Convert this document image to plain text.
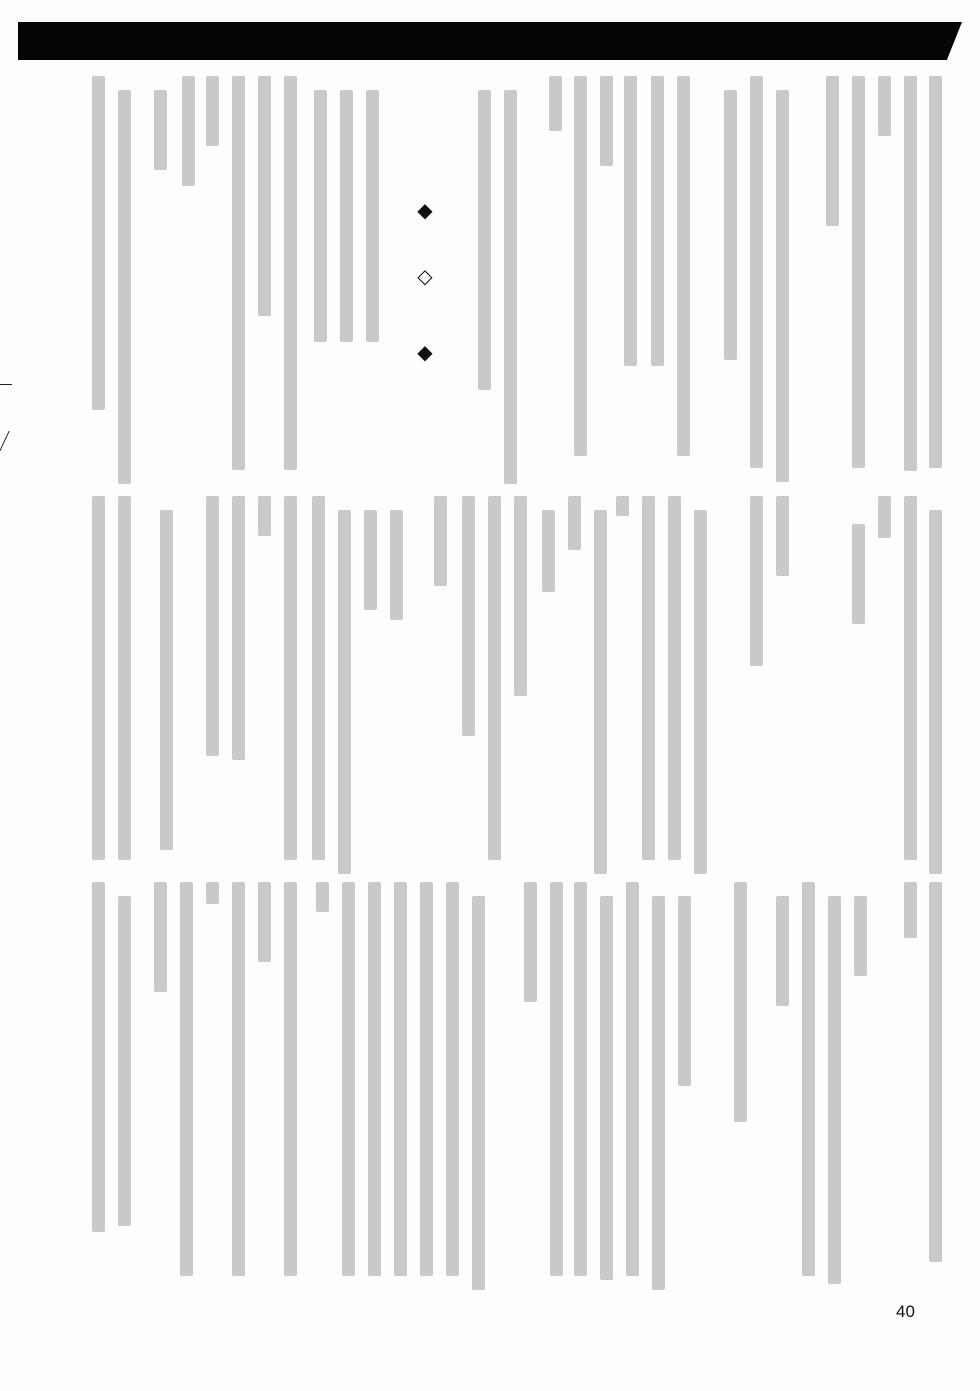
◆
◇
◆
40
